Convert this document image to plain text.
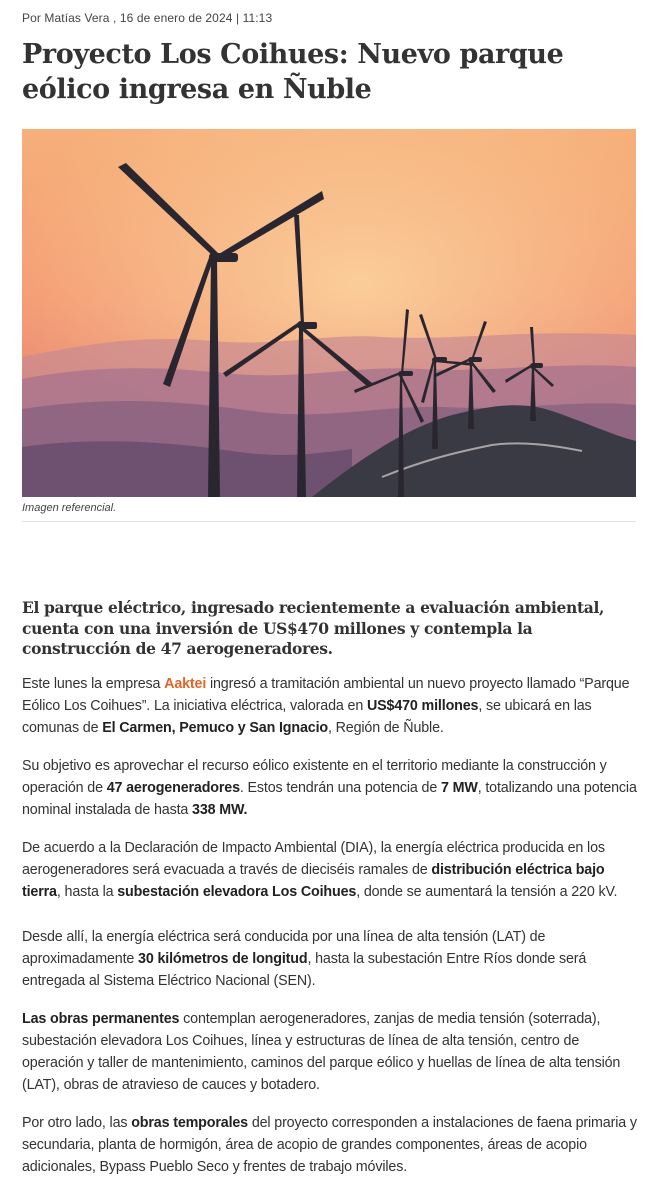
Por Matías Vera , 16 de enero de 2024 | 11:13
Proyecto Los Coihues: Nuevo parque eólico ingresa en Ñuble
Imagen referencial.
El parque eléctrico, ingresado recientemente a evaluación ambiental, cuenta con una inversión de US$470 millones y contempla la construcción de 47 aerogeneradores.

Este lunes la empresa Aaktei ingresó a tramitación ambiental un nuevo proyecto llamado “Parque Eólico Los Coihues”. La iniciativa eléctrica, valorada en US$470 millones, se ubicará en las comunas de El Carmen, Pemuco y San Ignacio, Región de Ñuble.

Su objetivo es aprovechar el recurso eólico existente en el territorio mediante la construcción y operación de 47 aerogeneradores. Estos tendrán una potencia de 7 MW, totalizando una potencia nominal instalada de hasta 338 MW.

De acuerdo a la Declaración de Impacto Ambiental (DIA), la energía eléctrica producida en los aerogeneradores será evacuada a través de dieciséis ramales de distribución eléctrica bajo tierra, hasta la subestación elevadora Los Coihues, donde se aumentará la tensión a 220 kV.

Desde allí, la energía eléctrica será conducida por una línea de alta tensión (LAT) de aproximadamente 30 kilómetros de longitud, hasta la subestación Entre Ríos donde será entregada al Sistema Eléctrico Nacional (SEN).

Las obras permanentes contemplan aerogeneradores, zanjas de media tensión (soterrada), subestación elevadora Los Coihues, línea y estructuras de línea de alta tensión, centro de operación y taller de mantenimiento, caminos del parque eólico y huellas de línea de alta tensión (LAT), obras de atravieso de cauces y botadero.

Por otro lado, las obras temporales del proyecto corresponden a instalaciones de faena primaria y secundaria, planta de hormigón, área de acopio de grandes componentes, áreas de acopio adicionales, Bypass Pueblo Seco y frentes de trabajo móviles.
